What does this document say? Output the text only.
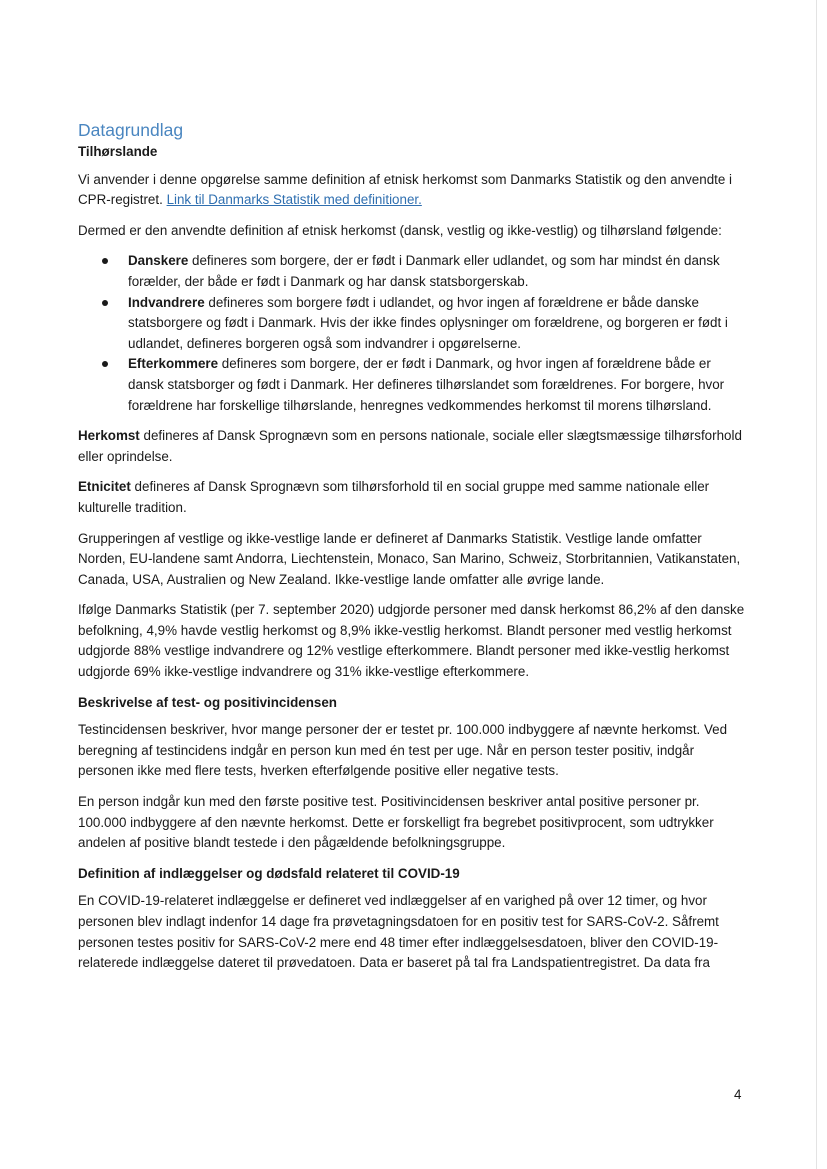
Datagrundlag
Tilhørslande

Vi anvender i denne opgørelse samme definition af etnisk herkomst som Danmarks Statistik og den anvendte i CPR-registret. Link til Danmarks Statistik med definitioner.

Dermed er den anvendte definition af etnisk herkomst (dansk, vestlig og ikke-vestlig) og tilhørsland følgende:

Danskere defineres som borgere, der er født i Danmark eller udlandet, og som har mindst én dansk forælder, der både er født i Danmark og har dansk statsborgerskab.
Indvandrere defineres som borgere født i udlandet, og hvor ingen af forældrene er både danske statsborgere og født i Danmark. Hvis der ikke findes oplysninger om forældrene, og borgeren er født i udlandet, defineres borgeren også som indvandrer i opgørelserne.
Efterkommere defineres som borgere, der er født i Danmark, og hvor ingen af forældrene både er dansk statsborger og født i Danmark. Her defineres tilhørslandet som forældrenes. For borgere, hvor forældrene har forskellige tilhørslande, henregnes vedkommendes herkomst til morens tilhørsland.

Herkomst defineres af Dansk Sprognævn som en persons nationale, sociale eller slægtsmæssige tilhørsforhold eller oprindelse.

Etnicitet defineres af Dansk Sprognævn som tilhørsforhold til en social gruppe med samme nationale eller kulturelle tradition.

Grupperingen af vestlige og ikke-vestlige lande er defineret af Danmarks Statistik. Vestlige lande omfatter Norden, EU-landene samt Andorra, Liechtenstein, Monaco, San Marino, Schweiz, Storbritannien, Vatikanstaten, Canada, USA, Australien og New Zealand. Ikke-vestlige lande omfatter alle øvrige lande.

Ifølge Danmarks Statistik (per 7. september 2020) udgjorde personer med dansk herkomst 86,2% af den danske befolkning, 4,9% havde vestlig herkomst og 8,9% ikke-vestlig herkomst. Blandt personer med vestlig herkomst udgjorde 88% vestlige indvandrere og 12% vestlige efterkommere. Blandt personer med ikke-vestlig herkomst udgjorde 69% ikke-vestlige indvandrere og 31% ikke-vestlige efterkommere.

Beskrivelse af test- og positivincidensen

Testincidensen beskriver, hvor mange personer der er testet pr. 100.000 indbyggere af nævnte herkomst. Ved beregning af testincidens indgår en person kun med én test per uge. Når en person tester positiv, indgår personen ikke med flere tests, hverken efterfølgende positive eller negative tests.

En person indgår kun med den første positive test. Positivincidensen beskriver antal positive personer pr. 100.000 indbyggere af den nævnte herkomst. Dette er forskelligt fra begrebet positivprocent, som udtrykker andelen af positive blandt testede i den pågældende befolkningsgruppe.

Definition af indlæggelser og dødsfald relateret til COVID-19

En COVID-19-relateret indlæggelse er defineret ved indlæggelser af en varighed på over 12 timer, og hvor personen blev indlagt indenfor 14 dage fra prøvetagningsdatoen for en positiv test for SARS-CoV-2. Såfremt personen testes positiv for SARS-CoV-2 mere end 48 timer efter indlæggelsesdatoen, bliver den COVID-19-relaterede indlæggelse dateret til prøvedatoen. Data er baseret på tal fra Landspatientregistret. Da data fra

4
